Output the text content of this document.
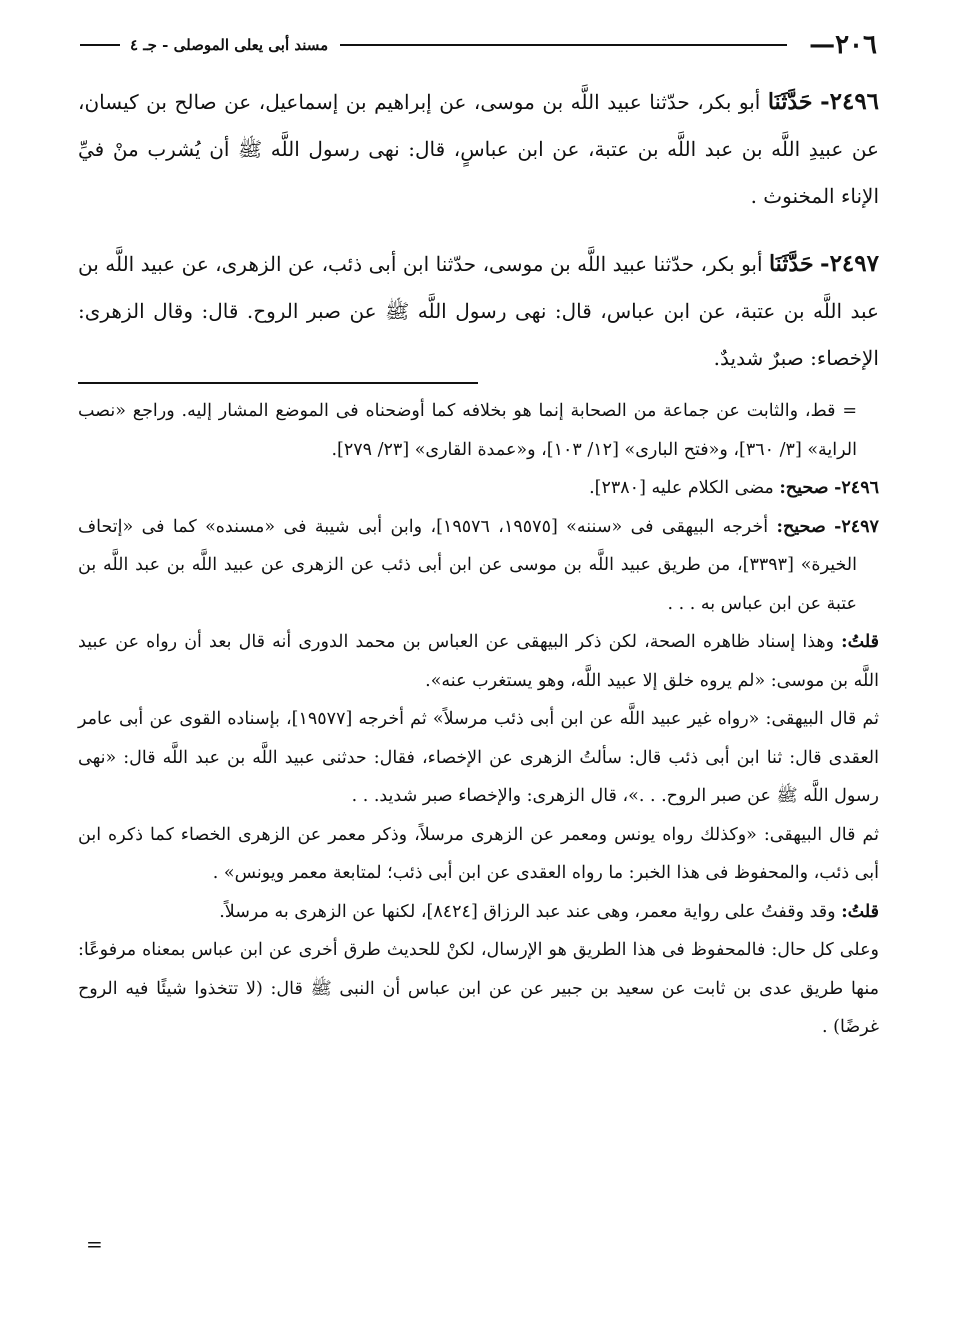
٢٠٦
—
مسند أبى يعلى الموصلى - جـ ٤

٢٤٩٦- حَدَّثَنَا أبو بكر، حدّثنا عبيد اللَّه بن موسى، عن إبراهيم بن إسماعيل، عن صالح بن كيسان، عن عبيدِ اللَّه بن عبد اللَّه بن عتبة، عن ابن عباسٍ، قال: نهى رسول اللَّه ﷺ أن يُشرب منْ فيِّ الإناء المخنوث .

٢٤٩٧- حَدَّثَنَا أبو بكر، حدّثنا عبيد اللَّه بن موسى، حدّثنا ابن أبى ذئب، عن الزهرى، عن عبيد اللَّه بن عبد اللَّه بن عتبة، عن ابن عباس، قال: نهى رسول اللَّه ﷺ عن صبر الروح. قال: وقال الزهرى: الإخصاء: صبرٌ شديدٌ.

= قط، والثابت عن جماعة من الصحابة إنما هو بخلافه كما أوضحناه فى الموضع المشار إليه. وراجع «نصب الراية» [٣/ ٣٦٠]، و«فتح البارى» [١٢/ ١٠٣]، و«عمدة القارى» [٢٣/ ٢٧٩].

٢٤٩٦- صحيح: مضى الكلام عليه [٢٣٨٠].

٢٤٩٧- صحيح: أخرجه البيهقى فى «سننه» [١٩٥٧٥، ١٩٥٧٦]، وابن أبى شيبة فى «مسنده» كما فى «إتحاف الخيرة» [٣٣٩٣]، من طريق عبيد اللَّه بن موسى عن ابن أبى ذئب عن الزهرى عن عبيد اللَّه بن عبد اللَّه بن عتبة عن ابن عباس به . . .

قلتُ: وهذا إسناد ظاهره الصحة، لكن ذكر البيهقى عن العباس بن محمد الدورى أنه قال بعد أن رواه عن عبيد اللَّه بن موسى: «لم يروه خلق إلا عبيد اللَّه، وهو يستغرب عنه».

ثم قال البيهقى: «رواه غير عبيد اللَّه عن ابن أبى ذئب مرسلاً» ثم أخرجه [١٩٥٧٧]، بإسناده القوى عن أبى عامر العقدى قال: ثنا ابن أبى ذئب قال: سألتُ الزهرى عن الإخصاء، فقال: حدثنى عبيد اللَّه بن عبد اللَّه قال: «نهى رسول اللَّه ﷺ عن صبر الروح. . .»، قال الزهرى: والإخصاء صبر شديد. . .

ثم قال البيهقى: «وكذلك رواه يونس ومعمر عن الزهرى مرسلاً، وذكر معمر عن الزهرى الخصاء كما ذكره ابن أبى ذئب، والمحفوظ فى هذا الخبر: ما رواه العقدى عن ابن أبى ذئب؛ لمتابعة معمر ويونس» .

قلتُ: وقد وقفتُ على رواية معمر، وهى عند عبد الرزاق [٨٤٢٤]، لكنها عن الزهرى به مرسلاً.

وعلى كل حال: فالمحفوظ فى هذا الطريق هو الإرسال، لكنْ للحديث طرق أخرى عن ابن عباس بمعناه مرفوعًا: منها طريق عدى بن ثابت عن سعيد بن جبير عن عن ابن عباس أن النبى ﷺ قال: (لا تتخذوا شيئًا فيه الروح غرضًا) .

=
